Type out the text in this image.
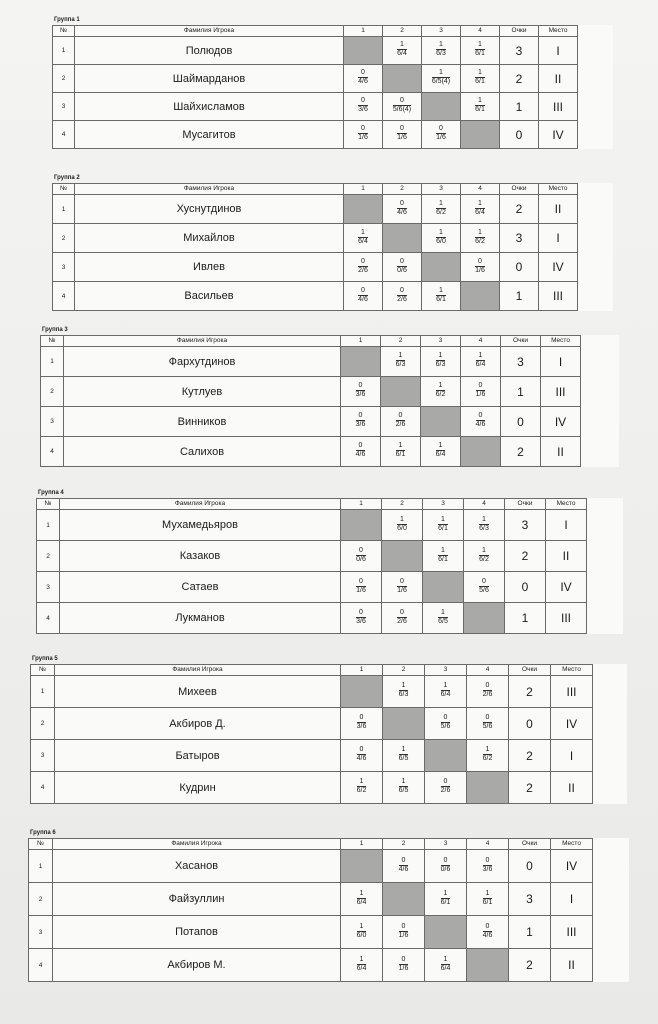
Группа 1
№	Фамилия Игрока	1	2	3	4	Очки	Место
1	Полюдов		$\frac{1}{6/4}$	$\frac{1}{6/3}$	$\frac{1}{6/1}$	3	I
2	Шаймарданов	$\frac{0}{4/6}$		$\frac{1}{6/5(4)}$	$\frac{1}{6/1}$	2	II
3	Шайхисламов	$\frac{0}{3/6}$	$\frac{0}{5/6(4)}$		$\frac{1}{6/1}$	1	III
4	Мусагитов	$\frac{0}{1/6}$	$\frac{0}{1/6}$	$\frac{0}{1/6}$		0	IV
Группа 2
№	Фамилия Игрока	1	2	3	4	Очки	Место
1	Хуснутдинов		$\frac{0}{4/6}$	$\frac{1}{6/2}$	$\frac{1}{6/4}$	2	II
2	Михайлов	$\frac{1}{6/4}$		$\frac{1}{6/0}$	$\frac{1}{6/2}$	3	I
3	Ивлев	$\frac{0}{2/6}$	$\frac{0}{0/6}$		$\frac{0}{1/6}$	0	IV
4	Васильев	$\frac{0}{4/6}$	$\frac{0}{2/6}$	$\frac{1}{6/1}$		1	III
Группа 3
№	Фамилия Игрока	1	2	3	4	Очки	Место
1	Фархутдинов		$\frac{1}{6/3}$	$\frac{1}{6/3}$	$\frac{1}{6/4}$	3	I
2	Кутлуев	$\frac{0}{3/6}$		$\frac{1}{6/2}$	$\frac{0}{1/6}$	1	III
3	Винников	$\frac{0}{3/6}$	$\frac{0}{2/6}$		$\frac{0}{4/6}$	0	IV
4	Салихов	$\frac{0}{4/6}$	$\frac{1}{6/1}$	$\frac{1}{6/4}$		2	II
Группа 4
№	Фамилия Игрока	1	2	3	4	Очки	Место
1	Мухамедьяров		$\frac{1}{6/0}$	$\frac{1}{6/1}$	$\frac{1}{6/3}$	3	I
2	Казаков	$\frac{0}{0/6}$		$\frac{1}{6/1}$	$\frac{1}{6/2}$	2	II
3	Сатаев	$\frac{0}{1/6}$	$\frac{0}{1/6}$		$\frac{0}{5/6}$	0	IV
4	Лукманов	$\frac{0}{3/6}$	$\frac{0}{2/6}$	$\frac{1}{6/5}$		1	III
Группа 5
№	Фамилия Игрока	1	2	3	4	Очки	Место
1	Михеев		$\frac{1}{6/3}$	$\frac{1}{6/4}$	$\frac{0}{2/6}$	2	III
2	Акбиров Д.	$\frac{0}{3/6}$		$\frac{0}{5/6}$	$\frac{0}{5/6}$	0	IV
3	Батыров	$\frac{0}{4/6}$	$\frac{1}{6/5}$		$\frac{1}{6/2}$	2	I
4	Кудрин	$\frac{1}{6/2}$	$\frac{1}{6/5}$	$\frac{0}{2/6}$		2	II
Группа 6
№	Фамилия Игрока	1	2	3	4	Очки	Место
1	Хасанов		$\frac{0}{4/6}$	$\frac{0}{0/6}$	$\frac{0}{3/6}$	0	IV
2	Файзуллин	$\frac{1}{6/4}$		$\frac{1}{6/1}$	$\frac{1}{6/1}$	3	I
3	Потапов	$\frac{1}{6/0}$	$\frac{0}{1/6}$		$\frac{0}{4/6}$	1	III
4	Акбиров М.	$\frac{1}{6/4}$	$\frac{0}{1/6}$	$\frac{1}{6/4}$		2	II
